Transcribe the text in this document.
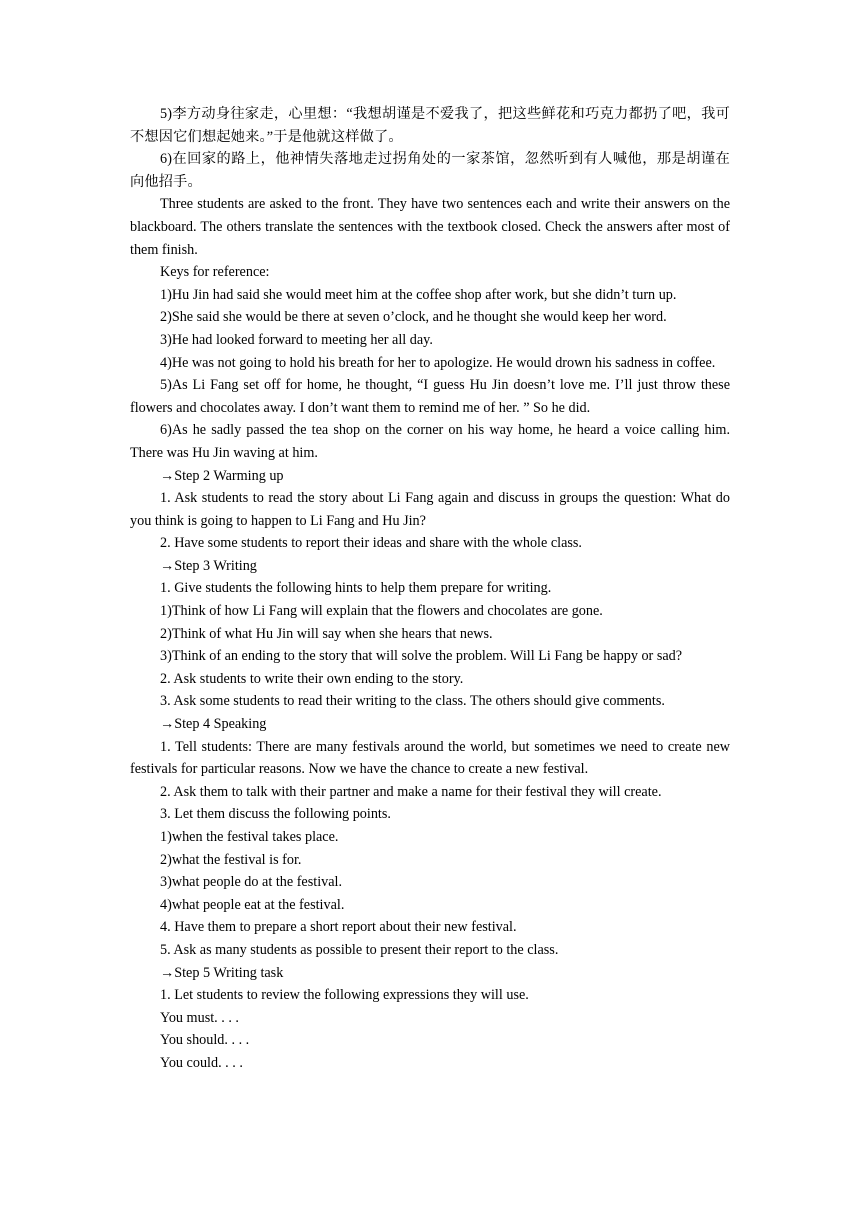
5)李方动身往家走，心里想：“我想胡谨是不爱我了，把这些鲜花和巧克力都扔了吧，我可不想因它们想起她来。”于是他就这样做了。

6)在回家的路上，他神情失落地走过拐角处的一家茶馆，忽然听到有人喊他，那是胡谨在向他招手。

Three students are asked to the front. They have two sentences each and write their answers on the blackboard. The others translate the sentences with the textbook closed. Check the answers after most of them finish.

Keys for reference:

1)Hu Jin had said she would meet him at the coffee shop after work, but she didn’t turn up.

2)She said she would be there at seven o’clock, and he thought she would keep her word.

3)He had looked forward to meeting her all day.

4)He was not going to hold his breath for her to apologize. He would drown his sadness in coffee.

5)As Li Fang set off for home, he thought, “I guess Hu Jin doesn’t love me. I’ll just throw these flowers and chocolates away. I don’t want them to remind me of her. ” So he did.

6)As he sadly passed the tea shop on the corner on his way home, he heard a voice calling him. There was Hu Jin waving at him.

→Step 2 Warming up

1. Ask students to read the story about Li Fang again and discuss in groups the question: What do you think is going to happen to Li Fang and Hu Jin?

2. Have some students to report their ideas and share with the whole class.

→Step 3 Writing

1. Give students the following hints to help them prepare for writing.

1)Think of how Li Fang will explain that the flowers and chocolates are gone.

2)Think of what Hu Jin will say when she hears that news.

3)Think of an ending to the story that will solve the problem. Will Li Fang be happy or sad?

2. Ask students to write their own ending to the story.

3. Ask some students to read their writing to the class. The others should give comments.

→Step 4 Speaking

1. Tell students: There are many festivals around the world, but sometimes we need to create new festivals for particular reasons. Now we have the chance to create a new festival.

2. Ask them to talk with their partner and make a name for their festival they will create.

3. Let them discuss the following points.

1)when the festival takes place.

2)what the festival is for.

3)what people do at the festival.

4)what people eat at the festival.

4. Have them to prepare a short report about their new festival.

5. Ask as many students as possible to present their report to the class.

→Step 5 Writing task

1. Let students to review the following expressions they will use.

You must. . . .

You should. . . .

You could. . . .
